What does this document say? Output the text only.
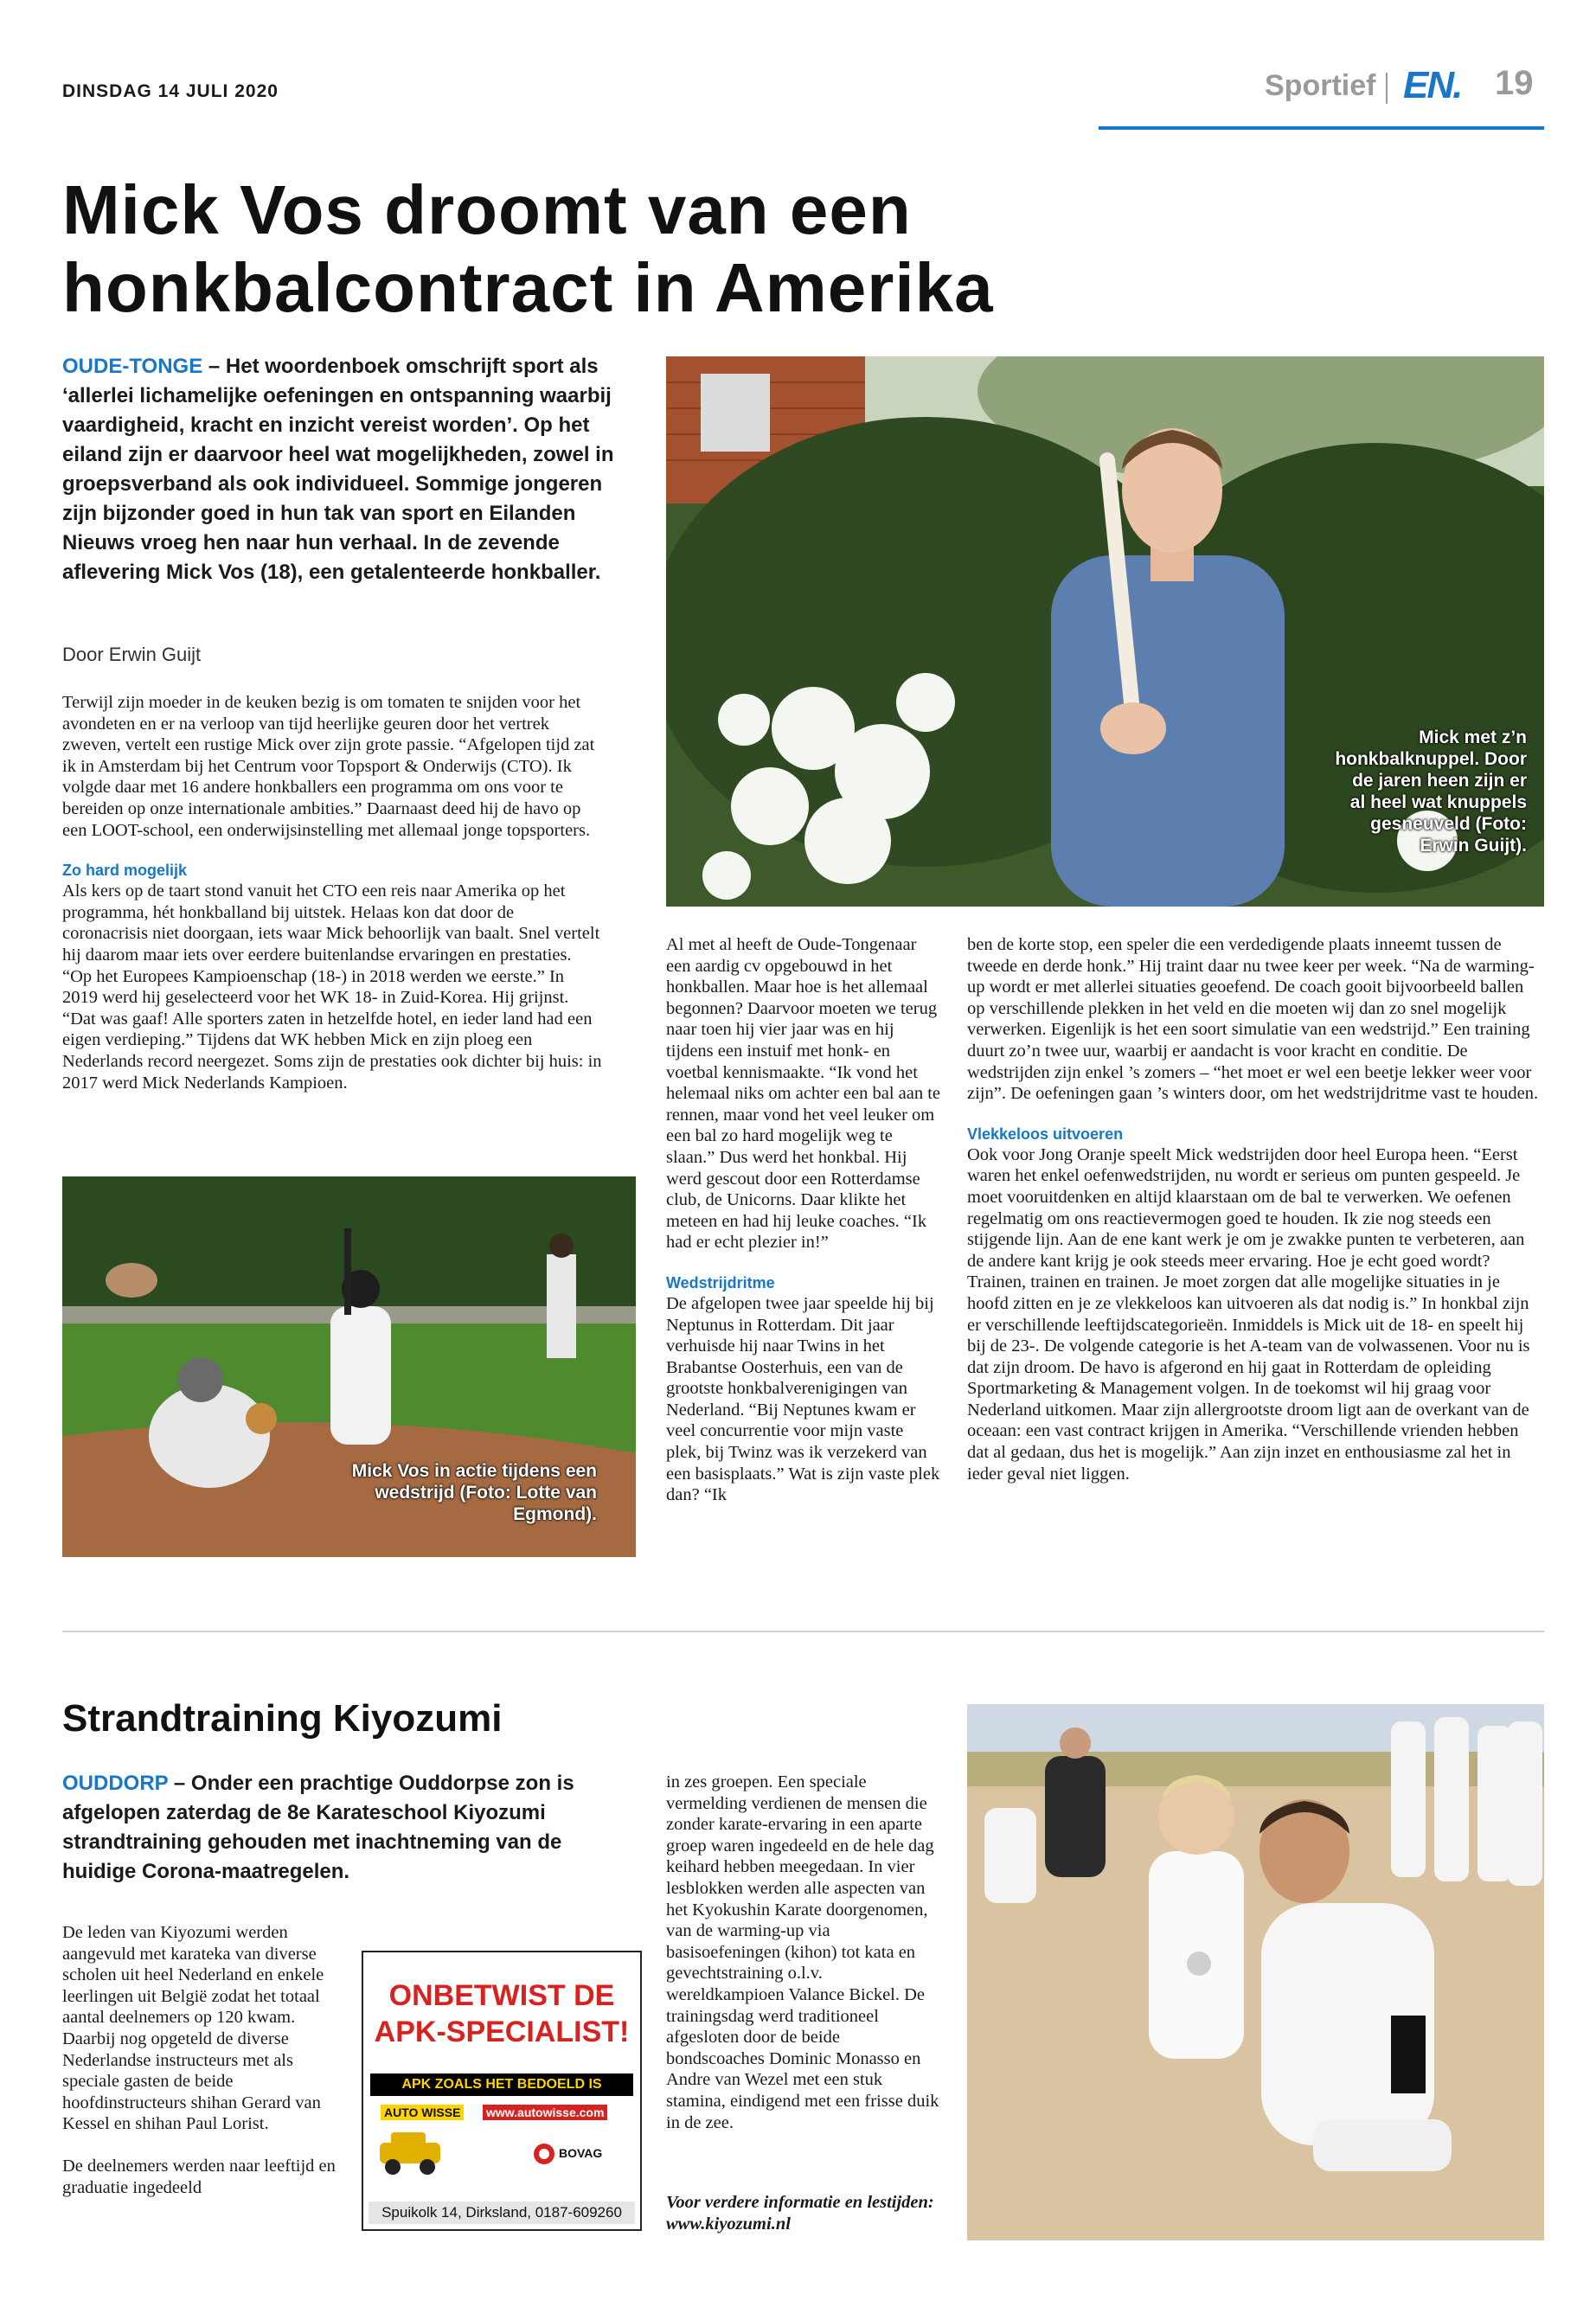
DINSDAG 14 JULI 2020	Sportief EN. 19
Mick Vos droomt van een
honkbalcontract in Amerika
OUDE-TONGE – Het woordenboek omschrijft sport als ‘allerlei lichamelijke oefeningen en ontspanning waarbij vaardigheid, kracht en inzicht vereist worden’. Op het eiland zijn er daarvoor heel wat mogelijkheden, zowel in groepsverband als ook individueel. Sommige jongeren zijn bijzonder goed in hun tak van sport en Eilanden Nieuws vroeg hen naar hun verhaal. In de zevende aflevering Mick Vos (18), een getalenteerde honkballer.
Door Erwin Guijt

Terwijl zijn moeder in de keuken bezig is om tomaten te snijden voor het avondeten en er na verloop van tijd heerlijke geuren door het vertrek zweven, vertelt een rustige Mick over zijn grote passie. “Afgelopen tijd zat ik in Amsterdam bij het Centrum voor Topsport & Onderwijs (CTO). Ik volgde daar met 16 andere honkballers een programma om ons voor te bereiden op onze internationale ambities.” Daarnaast deed hij de havo op een LOOT-school, een onderwijsinstelling met allemaal jonge topsporters.

Zo hard mogelijk

Als kers op de taart stond vanuit het CTO een reis naar Amerika op het programma, hét honkballand bij uitstek. Helaas kon dat door de coronacrisis niet doorgaan, iets waar Mick behoorlijk van baalt. Snel vertelt hij daarom maar iets over eerdere buitenlandse ervaringen en prestaties. “Op het Europees Kampioenschap (18-) in 2018 werden we eerste.” In 2019 werd hij geselecteerd voor het WK 18- in Zuid-Korea. Hij grijnst. “Dat was gaaf! Alle sporters zaten in hetzelfde hotel, en ieder land had een eigen verdieping.” Tijdens dat WK hebben Mick en zijn ploeg een Nederlands record neergezet. Soms zijn de prestaties ook dichter bij huis: in 2017 werd Mick Nederlands Kampioen.

Al met al heeft de Oude-Tongenaar een aardig cv opgebouwd in het honkballen. Maar hoe is het allemaal begonnen? Daarvoor moeten we terug naar toen hij vier jaar was en hij tijdens een instuif met honk- en voetbal kennismaakte. “Ik vond het helemaal niks om achter een bal aan te rennen, maar vond het veel leuker om een bal zo hard mogelijk weg te slaan.” Dus werd het honkbal. Hij werd gescout door een Rotterdamse club, de Unicorns. Daar klikte het meteen en had hij leuke coaches. “Ik had er echt plezier in!”

Wedstrijdritme

De afgelopen twee jaar speelde hij bij Neptunus in Rotterdam. Dit jaar verhuisde hij naar Twins in het Brabantse Oosterhuis, een van de grootste honkbalverenigingen van Nederland. “Bij Neptunes kwam er veel concurrentie voor mijn vaste plek, bij Twinz was ik verzekerd van een basisplaats.” Wat is zijn vaste plek dan? “Ik

ben de korte stop, een speler die een verdedigende plaats inneemt tussen de tweede en derde honk.” Hij traint daar nu twee keer per week. “Na de warming-up wordt er met allerlei situaties geoefend. De coach gooit bijvoorbeeld ballen op verschillende plekken in het veld en die moeten wij dan zo snel mogelijk verwerken. Eigenlijk is het een soort simulatie van een wedstrijd.” Een training duurt zo’n twee uur, waarbij er aandacht is voor kracht en conditie. De wedstrijden zijn enkel ’s zomers – “het moet er wel een beetje lekker weer voor zijn”. De oefeningen gaan ’s winters door, om het wedstrijdritme vast te houden.

Vlekkeloos uitvoeren

Ook voor Jong Oranje speelt Mick wedstrijden door heel Europa heen. “Eerst waren het enkel oefenwedstrijden, nu wordt er serieus om punten gespeeld. Je moet vooruitdenken en altijd klaarstaan om de bal te verwerken. We oefenen regelmatig om ons reactievermogen goed te houden. Ik zie nog steeds een stijgende lijn. Aan de ene kant werk je om je zwakke punten te verbeteren, aan de andere kant krijg je ook steeds meer ervaring. Hoe je echt goed wordt? Trainen, trainen en trainen. Je moet zorgen dat alle mogelijke situaties in je hoofd zitten en je ze vlekkeloos kan uitvoeren als dat nodig is.” In honkbal zijn er verschillende leeftijdscategorieën. Inmiddels is Mick uit de 18- en speelt hij bij de 23-. De volgende categorie is het A-team van de volwassenen. Voor nu is dat zijn droom. De havo is afgerond en hij gaat in Rotterdam de opleiding Sportmarketing & Management volgen. In de toekomst wil hij graag voor Nederland uitkomen. Maar zijn allergrootste droom ligt aan de overkant van de oceaan: een vast contract krijgen in Amerika. “Verschillende vrienden hebben dat al gedaan, dus het is mogelijk.” Aan zijn inzet en enthousiasme zal het in ieder geval niet liggen.

Mick met z’n honkbalknuppel. Door de jaren heen zijn er al heel wat knuppels gesneuveld (Foto: Erwin Guijt).
Mick Vos in actie tijdens een wedstrijd (Foto: Lotte van Egmond).
Strandtraining Kiyozumi
OUDDORP – Onder een prachtige Ouddorpse zon is afgelopen zaterdag de 8e Karateschool Kiyozumi strandtraining gehouden met inachtneming van de huidige Corona-maatregelen.

De leden van Kiyozumi werden aangevuld met karateka van diverse scholen uit heel Nederland en enkele leerlingen uit België zodat het totaal aantal deelnemers op 120 kwam. Daarbij nog opgeteld de diverse Nederlandse instructeurs met als speciale gasten de beide hoofdinstructeurs shihan Gerard van Kessel en shihan Paul Lorist.

De deelnemers werden naar leeftijd en graduatie ingedeeld

in zes groepen. Een speciale vermelding verdienen de mensen die zonder karate-ervaring in een aparte groep waren ingedeeld en de hele dag keihard hebben meegedaan. In vier lesblokken werden alle aspecten van het Kyokushin Karate doorgenomen, van de warming-up via basisoefeningen (kihon) tot kata en gevechtstraining o.l.v. wereldkampioen Valance Bickel. De trainingsdag werd traditioneel afgesloten door de beide bondscoaches Dominic Monasso en Andre van Wezel met een stuk stamina, eindigend met een frisse duik in de zee.

Voor verdere informatie en lestijden: www.kiyozumi.nl
ONBETWIST DE
APK-SPECIALIST!
APK ZOALS HET BEDOELD IS
AUTO WISSE www.autowisse.com
BOVAG
Spuikolk 14, Dirksland, 0187-609260
